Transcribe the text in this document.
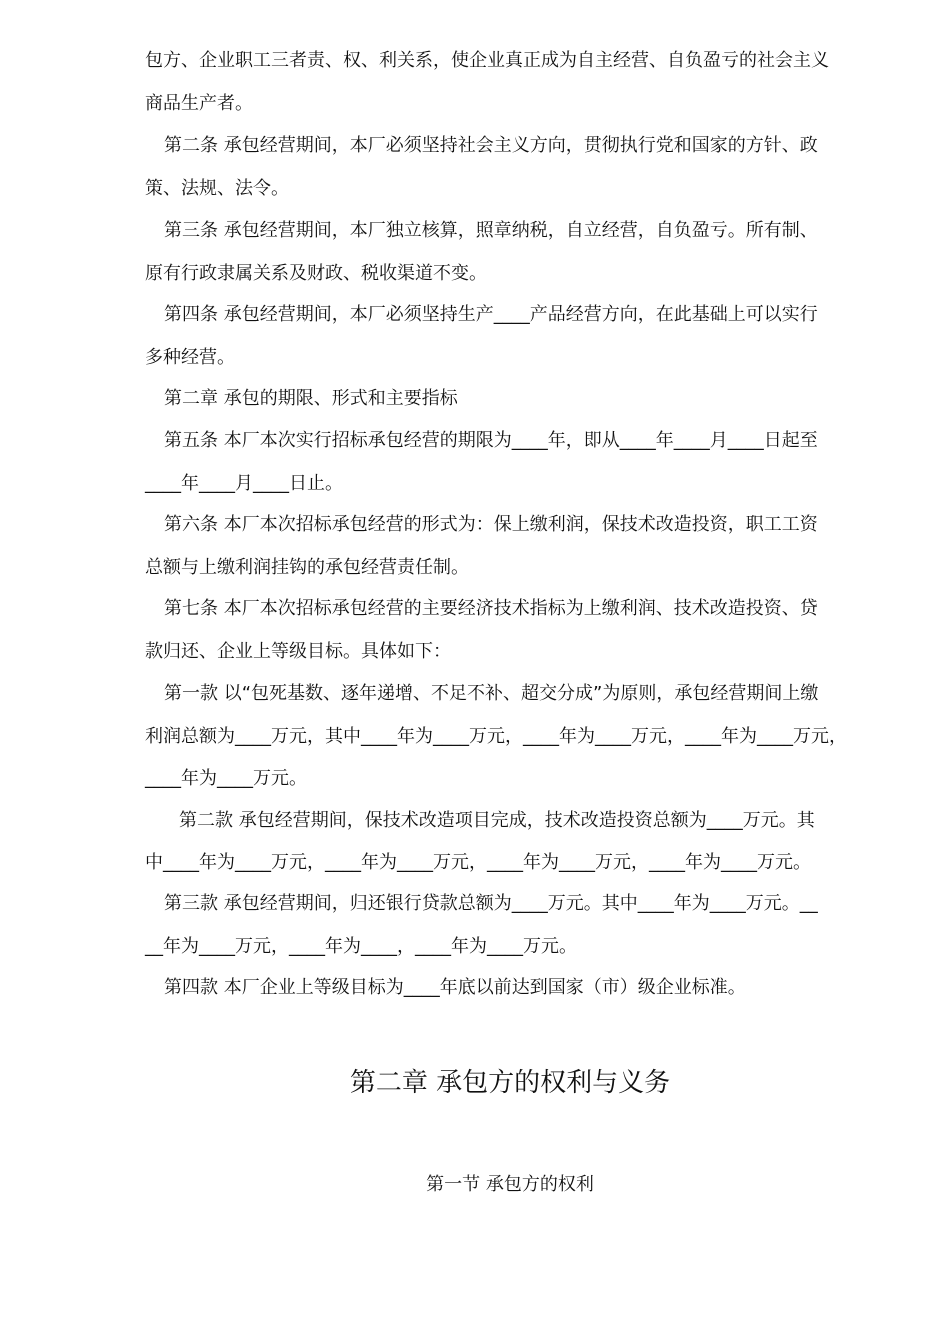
包方、企业职工三者责、权、利关系，使企业真正成为自主经营、自负盈亏的社会主义
商品生产者。
第二条 承包经营期间，本厂必须坚持社会主义方向，贯彻执行党和国家的方针、政
策、法规、法令。
第三条 承包经营期间，本厂独立核算，照章纳税，自立经营，自负盈亏。所有制、
原有行政隶属关系及财政、税收渠道不变。
第四条 承包经营期间，本厂必须坚持生产____产品经营方向，在此基础上可以实行
多种经营。
第二章 承包的期限、形式和主要指标
第五条 本厂本次实行招标承包经营的期限为____年，即从____年____月____日起至
____年____月____日止。
第六条 本厂本次招标承包经营的形式为：保上缴利润，保技术改造投资，职工工资
总额与上缴利润挂钩的承包经营责任制。
第七条 本厂本次招标承包经营的主要经济技术指标为上缴利润、技术改造投资、贷
款归还、企业上等级目标。具体如下：
第一款 以“包死基数、逐年递增、不足不补、超交分成”为原则，承包经营期间上缴
利润总额为____万元，其中____年为____万元，____年为____万元，____年为____万元，
____年为____万元。
第二款 承包经营期间，保技术改造项目完成，技术改造投资总额为____万元。其
中____年为____万元，____年为____万元，____年为____万元，____年为____万元。
第三款 承包经营期间，归还银行贷款总额为____万元。其中____年为____万元。__
__年为____万元，____年为____，____年为____万元。
第四款 本厂企业上等级目标为____年底以前达到国家（市）级企业标准。
第二章 承包方的权利与义务
第一节 承包方的权利
